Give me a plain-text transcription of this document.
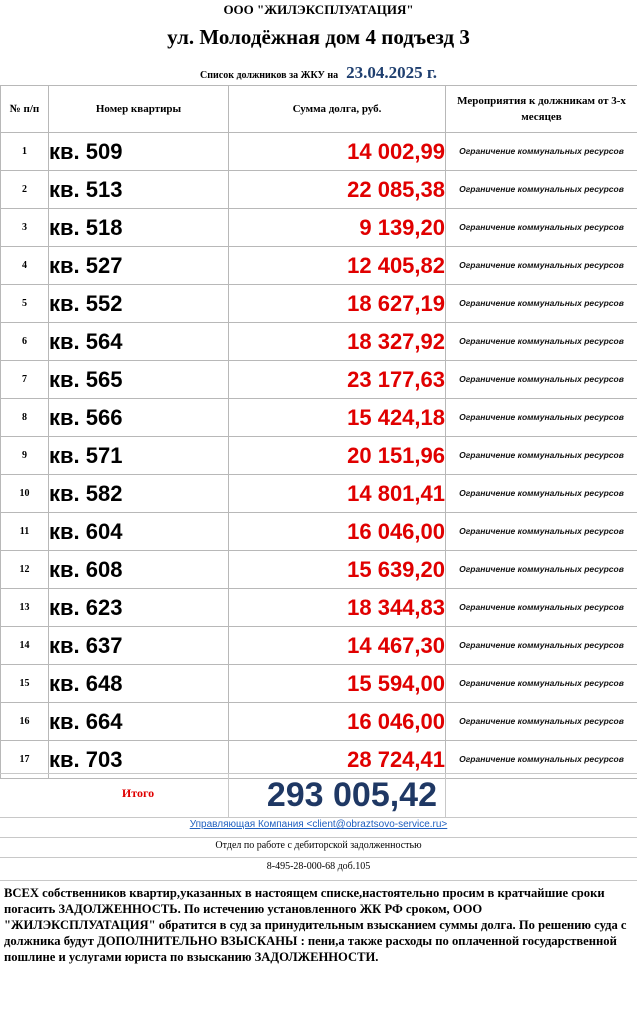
ООО "ЖИЛЭКСПЛУАТАЦИЯ"
ул. Молодёжная дом 4 подъезд 3
Список должников за ЖКУ на 23.04.2025 г.
№ п/п	Номер квартиры	Сумма долга, руб.	Мероприятия к должникам от 3-х месяцев
1	кв. 509	14 002,99	Ограничение коммунальных ресурсов
2	кв. 513	22 085,38	Ограничение коммунальных ресурсов
3	кв. 518	9 139,20	Ограничение коммунальных ресурсов
4	кв. 527	12 405,82	Ограничение коммунальных ресурсов
5	кв. 552	18 627,19	Ограничение коммунальных ресурсов
6	кв. 564	18 327,92	Ограничение коммунальных ресурсов
7	кв. 565	23 177,63	Ограничение коммунальных ресурсов
8	кв. 566	15 424,18	Ограничение коммунальных ресурсов
9	кв. 571	20 151,96	Ограничение коммунальных ресурсов
10	кв. 582	14 801,41	Ограничение коммунальных ресурсов
11	кв. 604	16 046,00	Ограничение коммунальных ресурсов
12	кв. 608	15 639,20	Ограничение коммунальных ресурсов
13	кв. 623	18 344,83	Ограничение коммунальных ресурсов
14	кв. 637	14 467,30	Ограничение коммунальных ресурсов
15	кв. 648	15 594,00	Ограничение коммунальных ресурсов
16	кв. 664	16 046,00	Ограничение коммунальных ресурсов
17	кв. 703	28 724,41	Ограничение коммунальных ресурсов
Итого	293 005,42
Управляющая Компания <client@obraztsovo-service.ru>
Отдел по работе с дебиторской задолженностью
8-495-28-000-68 доб.105
ВСЕХ собственников квартир,указанных в настоящем списке,настоятельно просим в кратчайшие сроки погасить ЗАДОЛЖЕННОСТЬ. По истечению установленного ЖК РФ сроком, ООО "ЖИЛЭКСПЛУАТАЦИЯ" обратится в суд за принудительным взысканием суммы долга. По решению суда с должника будут ДОПОЛНИТЕЛЬНО ВЗЫСКАНЫ : пени,а также расходы по оплаченной государственной пошлине и услугами юриста по взысканию ЗАДОЛЖЕННОСТИ.
